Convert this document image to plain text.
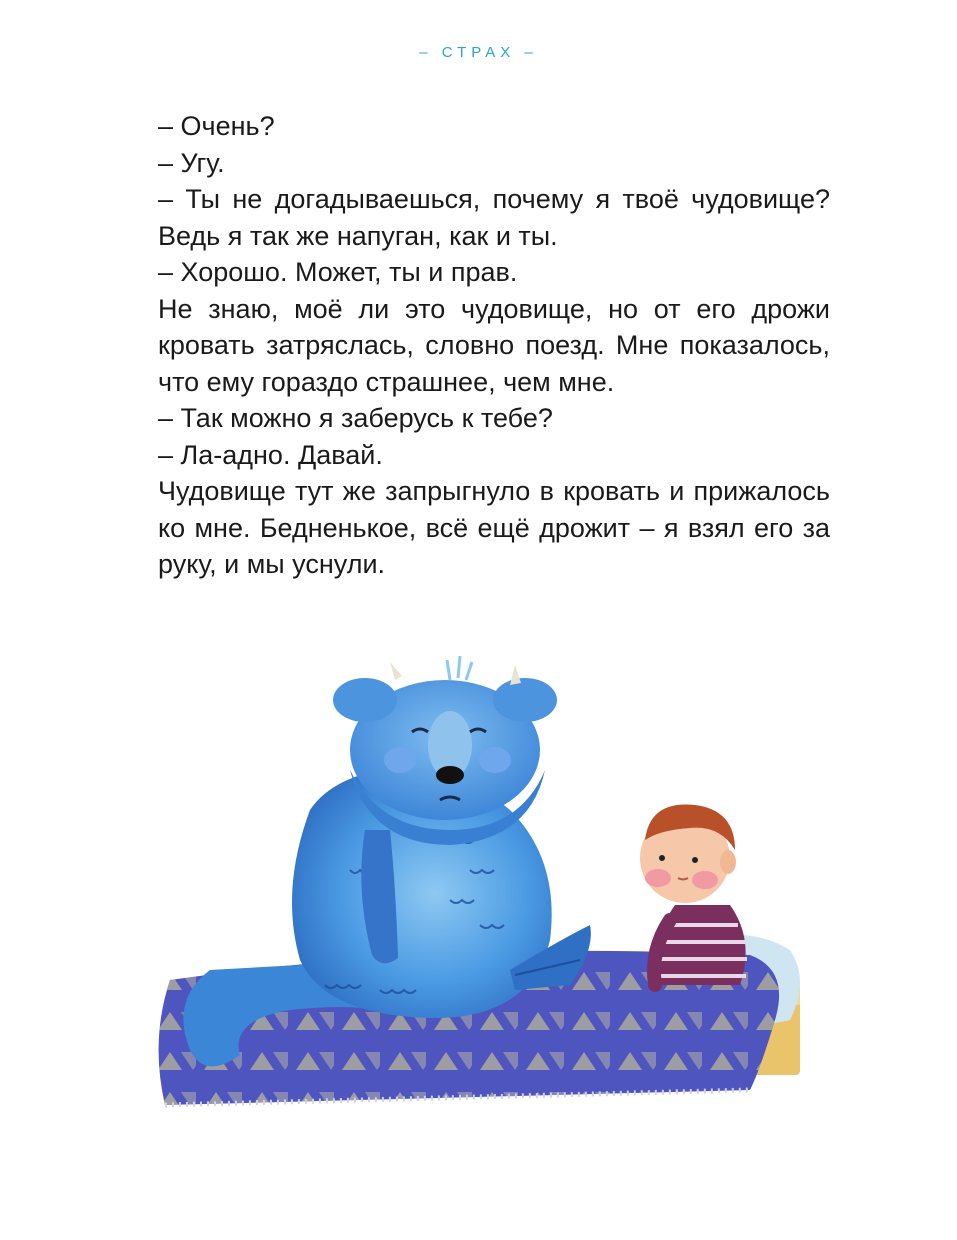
– СТРАХ –

– Очень?

– Угу.

– Ты не догадываешься, почему я твоё чудовище? Ведь я так же напуган, как и ты.

– Хорошо. Может, ты и прав.

Не знаю, моё ли это чудовище, но от его дрожи кровать затряслась, словно поезд. Мне показалось, что ему гораздо страшнее, чем мне.

– Так можно я заберусь к тебе?

– Ла-адно. Давай.

Чудовище тут же запрыгнуло в кровать и прижалось ко мне. Бедненькое, всё ещё дрожит – я взял его за руку, и мы уснули.
